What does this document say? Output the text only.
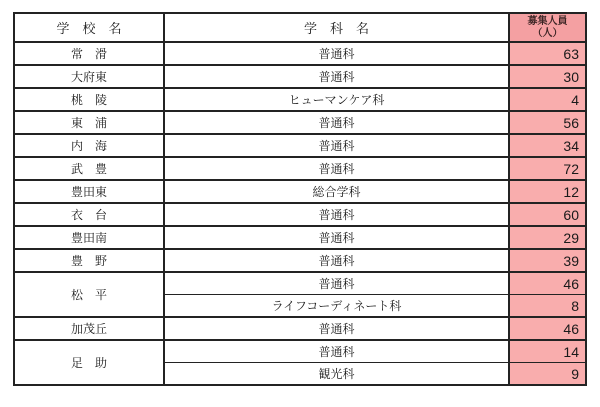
学　校　名	学　科　名	募集人員
（人）
常　滑	普通科	63
大府東	普通科	30
桃　陵	ヒューマンケア科	4
東　浦	普通科	56
内　海	普通科	34
武　豊	普通科	72
豊田東	総合学科	12
衣　台	普通科	60
豊田南	普通科	29
豊　野	普通科	39
松　平	普通科	46
	ライフコーディネート科	8
加茂丘	普通科	46
足　助	普通科	14
	観光科	9
